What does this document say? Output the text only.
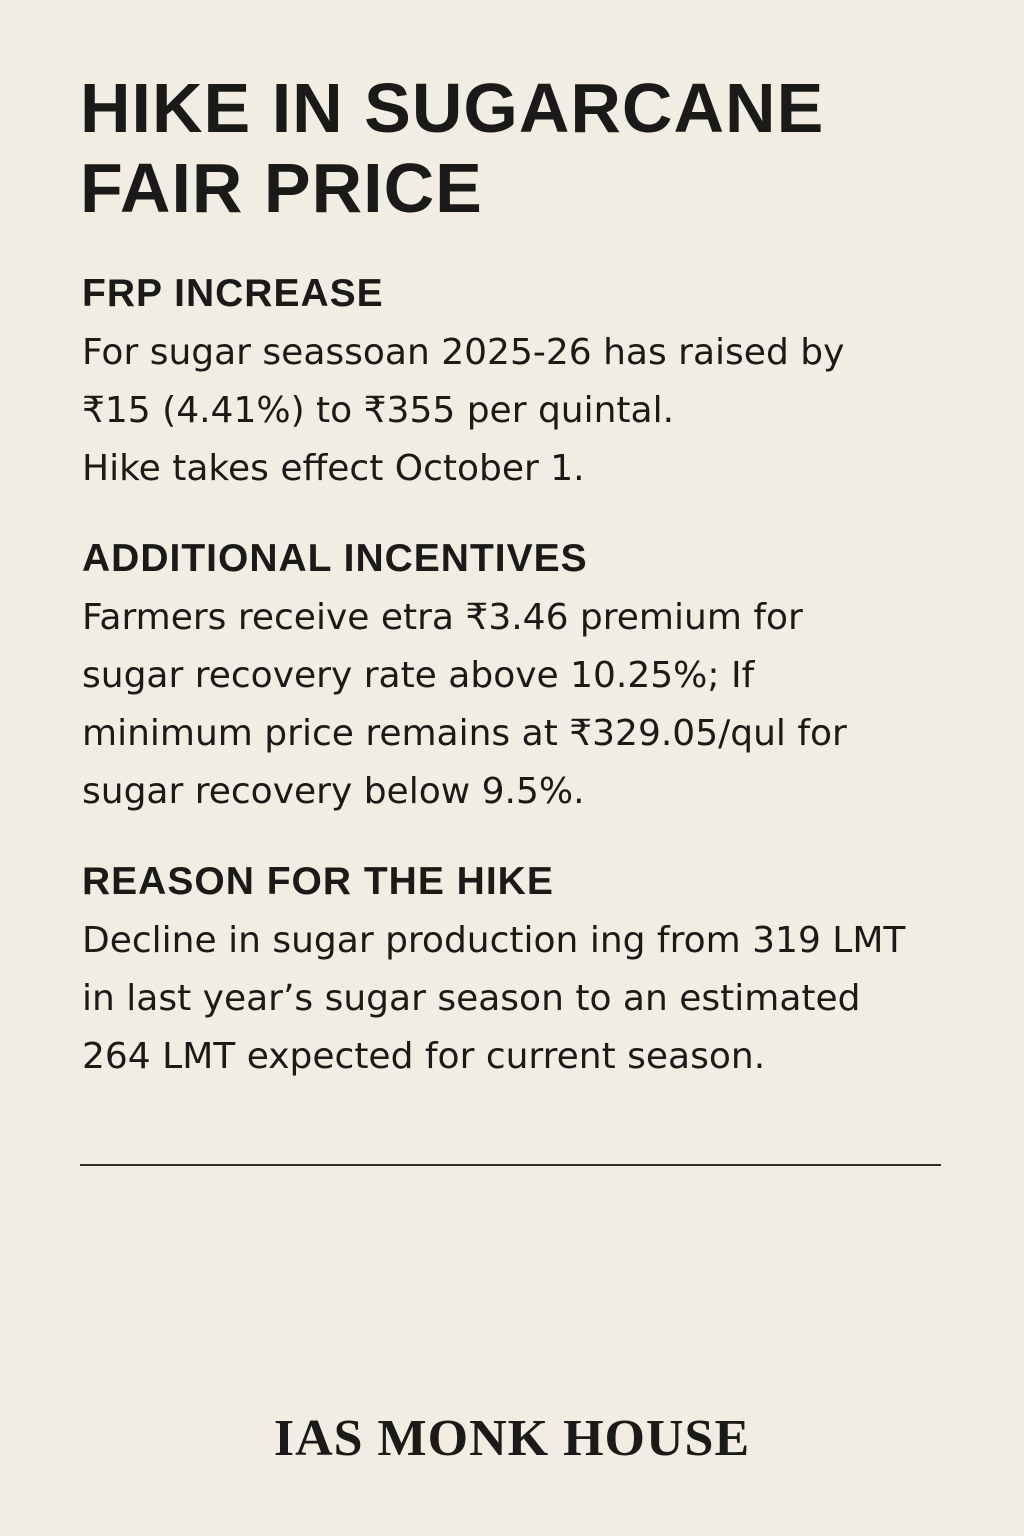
HIKE IN SUGARCANE
FAIR PRICE
FRP INCREASE

For sugar seassoan 2025-26 has raised by
₹15 (4.41%) to ₹355 per quintal.
Hike takes effect October 1.

ADDITIONAL INCENTIVES

Farmers receive etra ₹3.46 premium for
sugar recovery rate above 10.25%; If
minimum price remains at ₹329.05/qul for
sugar recovery below 9.5%.

REASON FOR THE HIKE

Decline in sugar production ing from 319 LMT
in last year’s sugar season to an estimated
264 LMT expected for current season.

IAS MONK HOUSE
